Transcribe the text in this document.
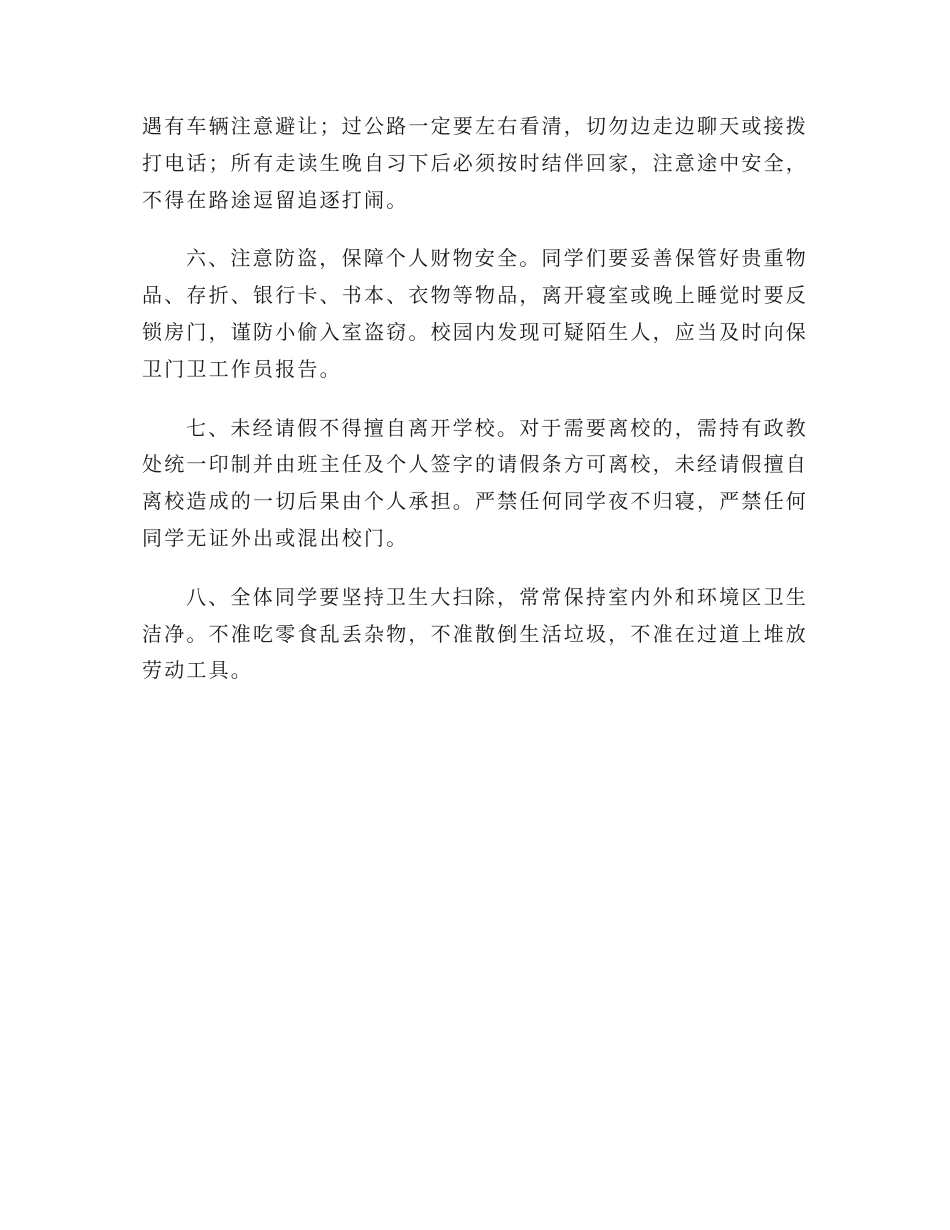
遇有车辆注意避让；过公路一定要左右看清，切勿边走边聊天或接拨打电话；所有走读生晚自习下后必须按时结伴回家，注意途中安全，不得在路途逗留追逐打闹。

六、注意防盗，保障个人财物安全。同学们要妥善保管好贵重物品、存折、银行卡、书本、衣物等物品，离开寝室或晚上睡觉时要反锁房门，谨防小偷入室盗窃。校园内发现可疑陌生人，应当及时向保卫门卫工作员报告。

七、未经请假不得擅自离开学校。对于需要离校的，需持有政教处统一印制并由班主任及个人签字的请假条方可离校，未经请假擅自离校造成的一切后果由个人承担。严禁任何同学夜不归寝，严禁任何同学无证外出或混出校门。

八、全体同学要坚持卫生大扫除，常常保持室内外和环境区卫生洁净。不准吃零食乱丢杂物，不准散倒生活垃圾，不准在过道上堆放劳动工具。
